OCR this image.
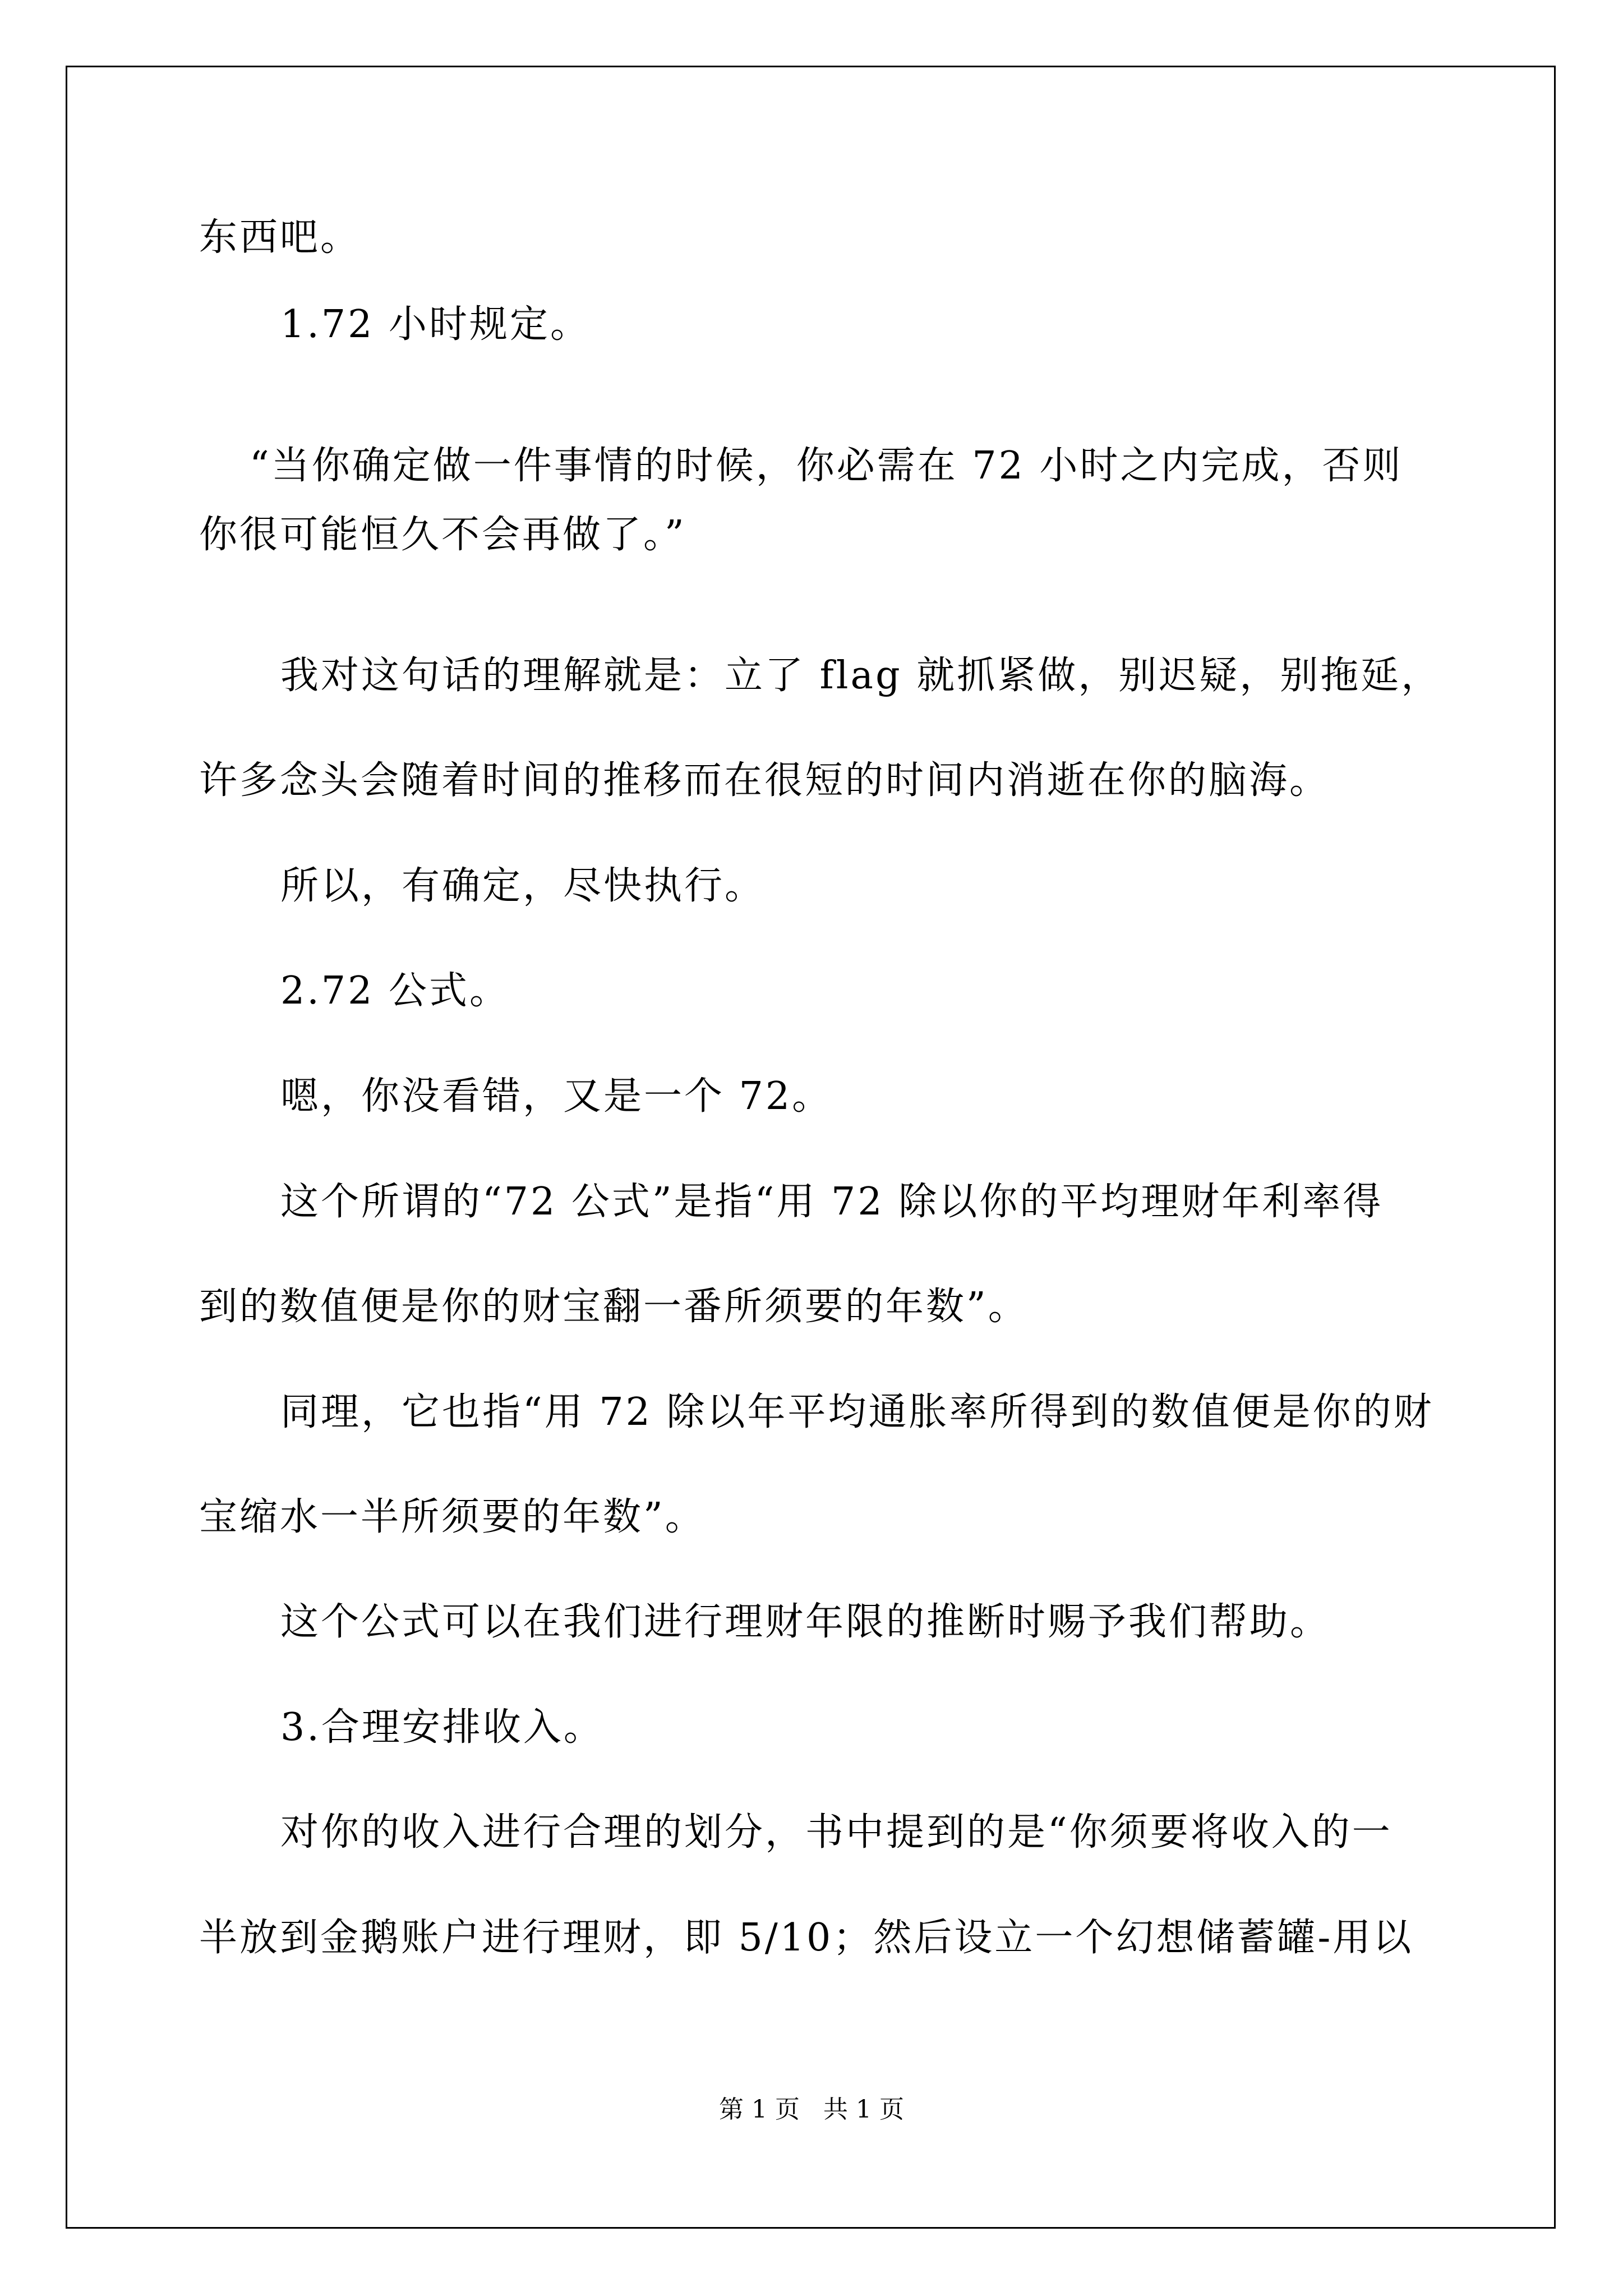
东西吧。
1.72 小时规定。
“当你确定做一件事情的时候，你必需在 72 小时之内完成，否则
你很可能恒久不会再做了。”
我对这句话的理解就是：立了 flag 就抓紧做，别迟疑，别拖延，
许多念头会随着时间的推移而在很短的时间内消逝在你的脑海。
所以，有确定，尽快执行。
2.72 公式。
嗯，你没看错，又是一个 72。
这个所谓的“72 公式”是指“用 72 除以你的平均理财年利率得
到的数值便是你的财宝翻一番所须要的年数”。
同理，它也指“用 72 除以年平均通胀率所得到的数值便是你的财
宝缩水一半所须要的年数”。
这个公式可以在我们进行理财年限的推断时赐予我们帮助。
3.合理安排收入。
对你的收入进行合理的划分，书中提到的是“你须要将收入的一
半放到金鹅账户进行理财，即 5/10；然后设立一个幻想储蓄罐-用以
第 1 页   共 1 页
